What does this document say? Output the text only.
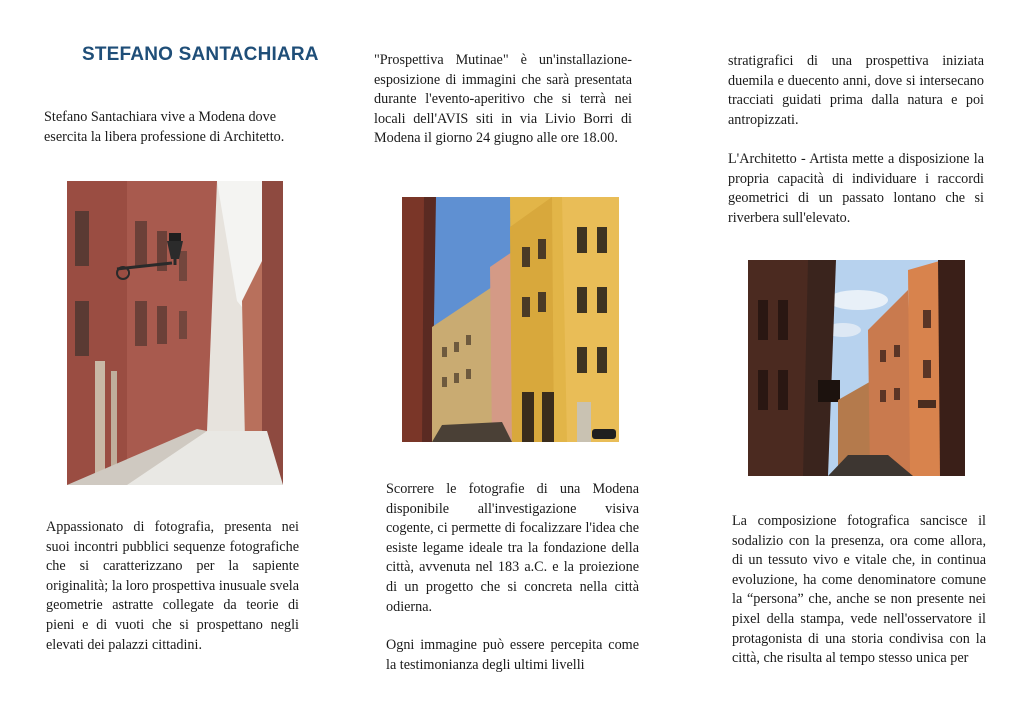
STEFANO SANTACHIARA

Stefano Santachiara vive a Modena dove esercita la libera professione di Architetto.

Appassionato di fotografia, presenta nei suoi incontri pubblici sequenze fotografiche che si caratterizzano per la sapiente originalità; la loro prospettiva inusuale svela geometrie astratte collegate da teorie di pieni e di vuoti che si prospettano negli elevati dei palazzi cittadini.

"Prospettiva Mutinae" è un'installazione-esposizione di immagini che sarà presentata durante l'evento-aperitivo che si terrà nei locali dell'AVIS siti in via Livio Borri di Modena il giorno 24 giugno alle ore 18.00.

Scorrere le fotografie di una Modena disponibile all'investigazione visiva cogente, ci permette di focalizzare l'idea che esiste legame ideale tra la fondazione della città, avvenuta nel 183 a.C. e la proiezione di un progetto che si concreta nella città odierna.

Ogni immagine può essere percepita come la testimonianza degli ultimi livelli

stratigrafici di una prospettiva iniziata duemila e duecento anni, dove si intersecano tracciati guidati prima dalla natura e poi antropizzati.

L'Architetto - Artista mette a disposizione la propria capacità di individuare i raccordi geometrici di un passato lontano che si riverbera sull'elevato.

La composizione fotografica sancisce il sodalizio con la presenza, ora come allora, di un tessuto vivo e vitale che, in continua evoluzione, ha come denominatore comune la “persona” che, anche se non presente nei pixel della stampa, vede nell'osservatore il protagonista di una storia condivisa con la città, che risulta al tempo stesso unica per
